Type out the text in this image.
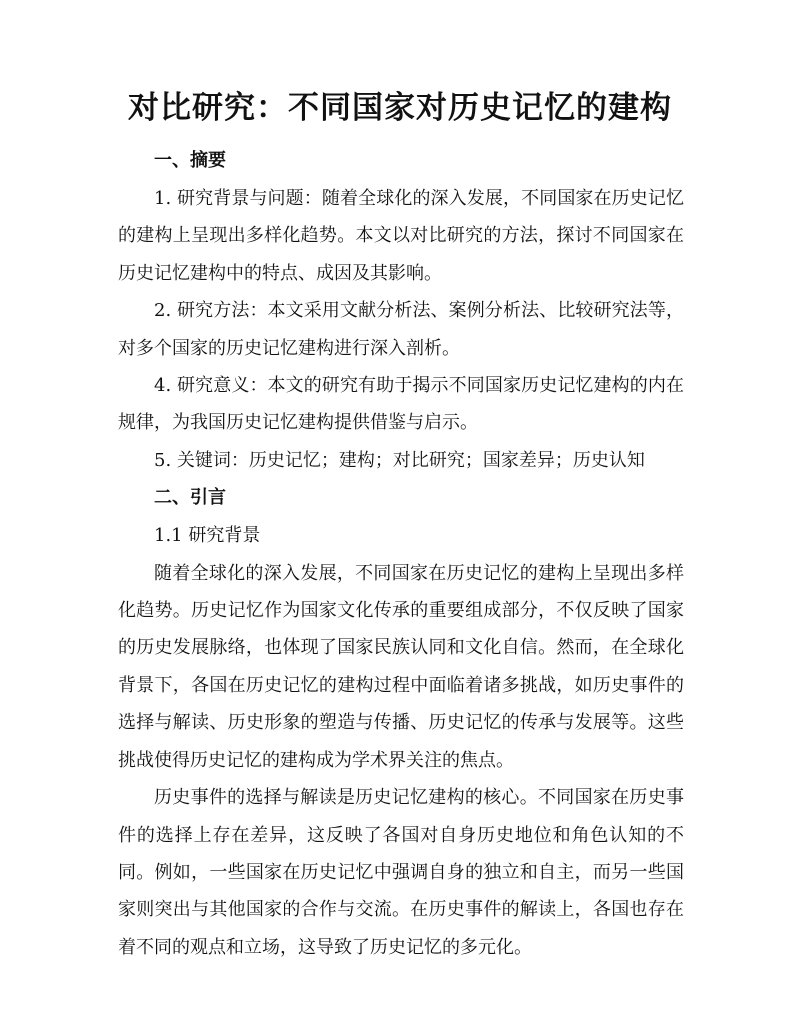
对比研究：不同国家对历史记忆的建构
一、摘要

1. 研究背景与问题：随着全球化的深入发展，不同国家在历史记忆的建构上呈现出多样化趋势。本文以对比研究的方法，探讨不同国家在历史记忆建构中的特点、成因及其影响。

2. 研究方法：本文采用文献分析法、案例分析法、比较研究法等，对多个国家的历史记忆建构进行深入剖析。

4. 研究意义：本文的研究有助于揭示不同国家历史记忆建构的内在规律，为我国历史记忆建构提供借鉴与启示。

5. 关键词：历史记忆；建构；对比研究；国家差异；历史认知

二、引言

1.1 研究背景

随着全球化的深入发展，不同国家在历史记忆的建构上呈现出多样化趋势。历史记忆作为国家文化传承的重要组成部分，不仅反映了国家的历史发展脉络，也体现了国家民族认同和文化自信。然而，在全球化背景下，各国在历史记忆的建构过程中面临着诸多挑战，如历史事件的选择与解读、历史形象的塑造与传播、历史记忆的传承与发展等。这些挑战使得历史记忆的建构成为学术界关注的焦点。

历史事件的选择与解读是历史记忆建构的核心。不同国家在历史事件的选择上存在差异，这反映了各国对自身历史地位和角色认知的不同。例如，一些国家在历史记忆中强调自身的独立和自主，而另一些国家则突出与其他国家的合作与交流。在历史事件的解读上，各国也存在着不同的观点和立场，这导致了历史记忆的多元化。
